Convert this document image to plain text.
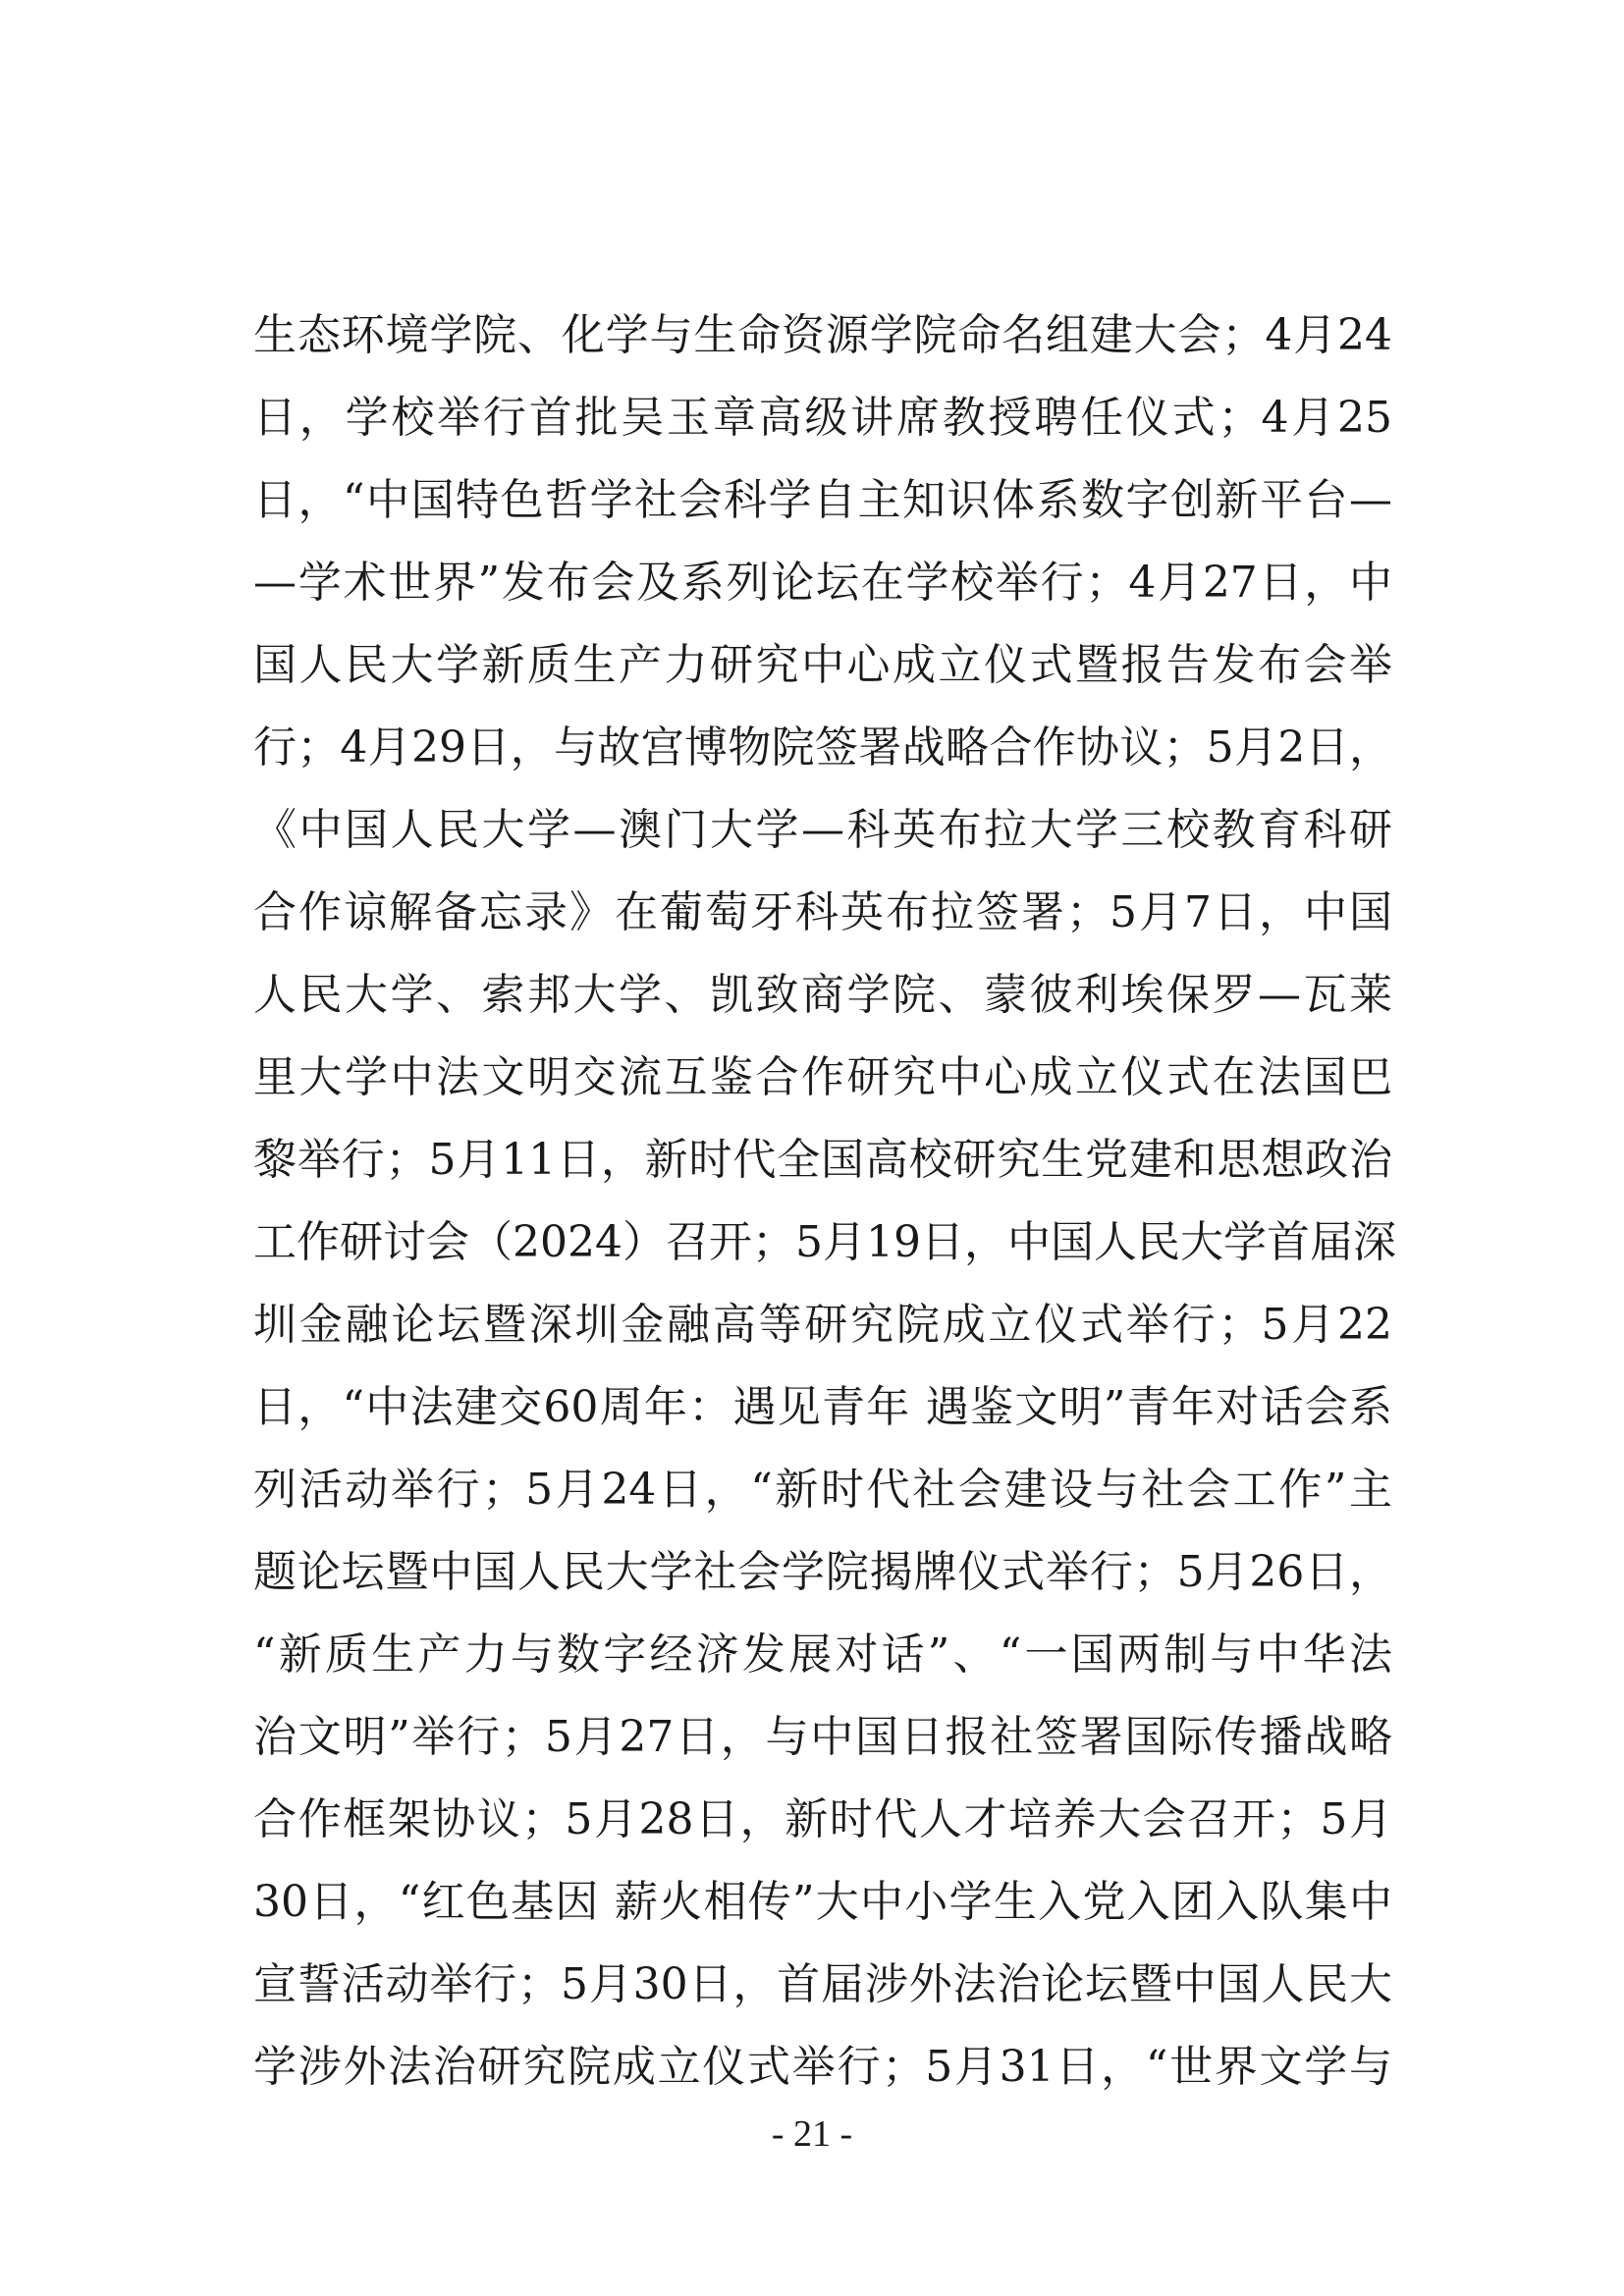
生态环境学院、化学与生命资源学院命名组建大会；4月24
日，学校举行首批吴玉章高级讲席教授聘任仪式；4月25
日，“中国特色哲学社会科学自主知识体系数字创新平台—
—学术世界”发布会及系列论坛在学校举行；4月27日，中
国人民大学新质生产力研究中心成立仪式暨报告发布会举
行；4月29日，与故宫博物院签署战略合作协议；5月2日，
《中国人民大学—澳门大学—科英布拉大学三校教育科研
合作谅解备忘录》在葡萄牙科英布拉签署；5月7日，中国
人民大学、索邦大学、凯致商学院、蒙彼利埃保罗—瓦莱
里大学中法文明交流互鉴合作研究中心成立仪式在法国巴
黎举行；5月11日，新时代全国高校研究生党建和思想政治
工作研讨会（2024）召开；5月19日，中国人民大学首届深
圳金融论坛暨深圳金融高等研究院成立仪式举行；5月22
日，“中法建交60周年：遇见青年 遇鉴文明”青年对话会系
列活动举行；5月24日，“新时代社会建设与社会工作”主
题论坛暨中国人民大学社会学院揭牌仪式举行；5月26日，
“新质生产力与数字经济发展对话”、“一国两制与中华法
治文明”举行；5月27日，与中国日报社签署国际传播战略
合作框架协议；5月28日，新时代人才培养大会召开；5月
30日，“红色基因 薪火相传”大中小学生入党入团入队集中
宣誓活动举行；5月30日，首届涉外法治论坛暨中国人民大
学涉外法治研究院成立仪式举行；5月31日，“世界文学与
- 21 -
